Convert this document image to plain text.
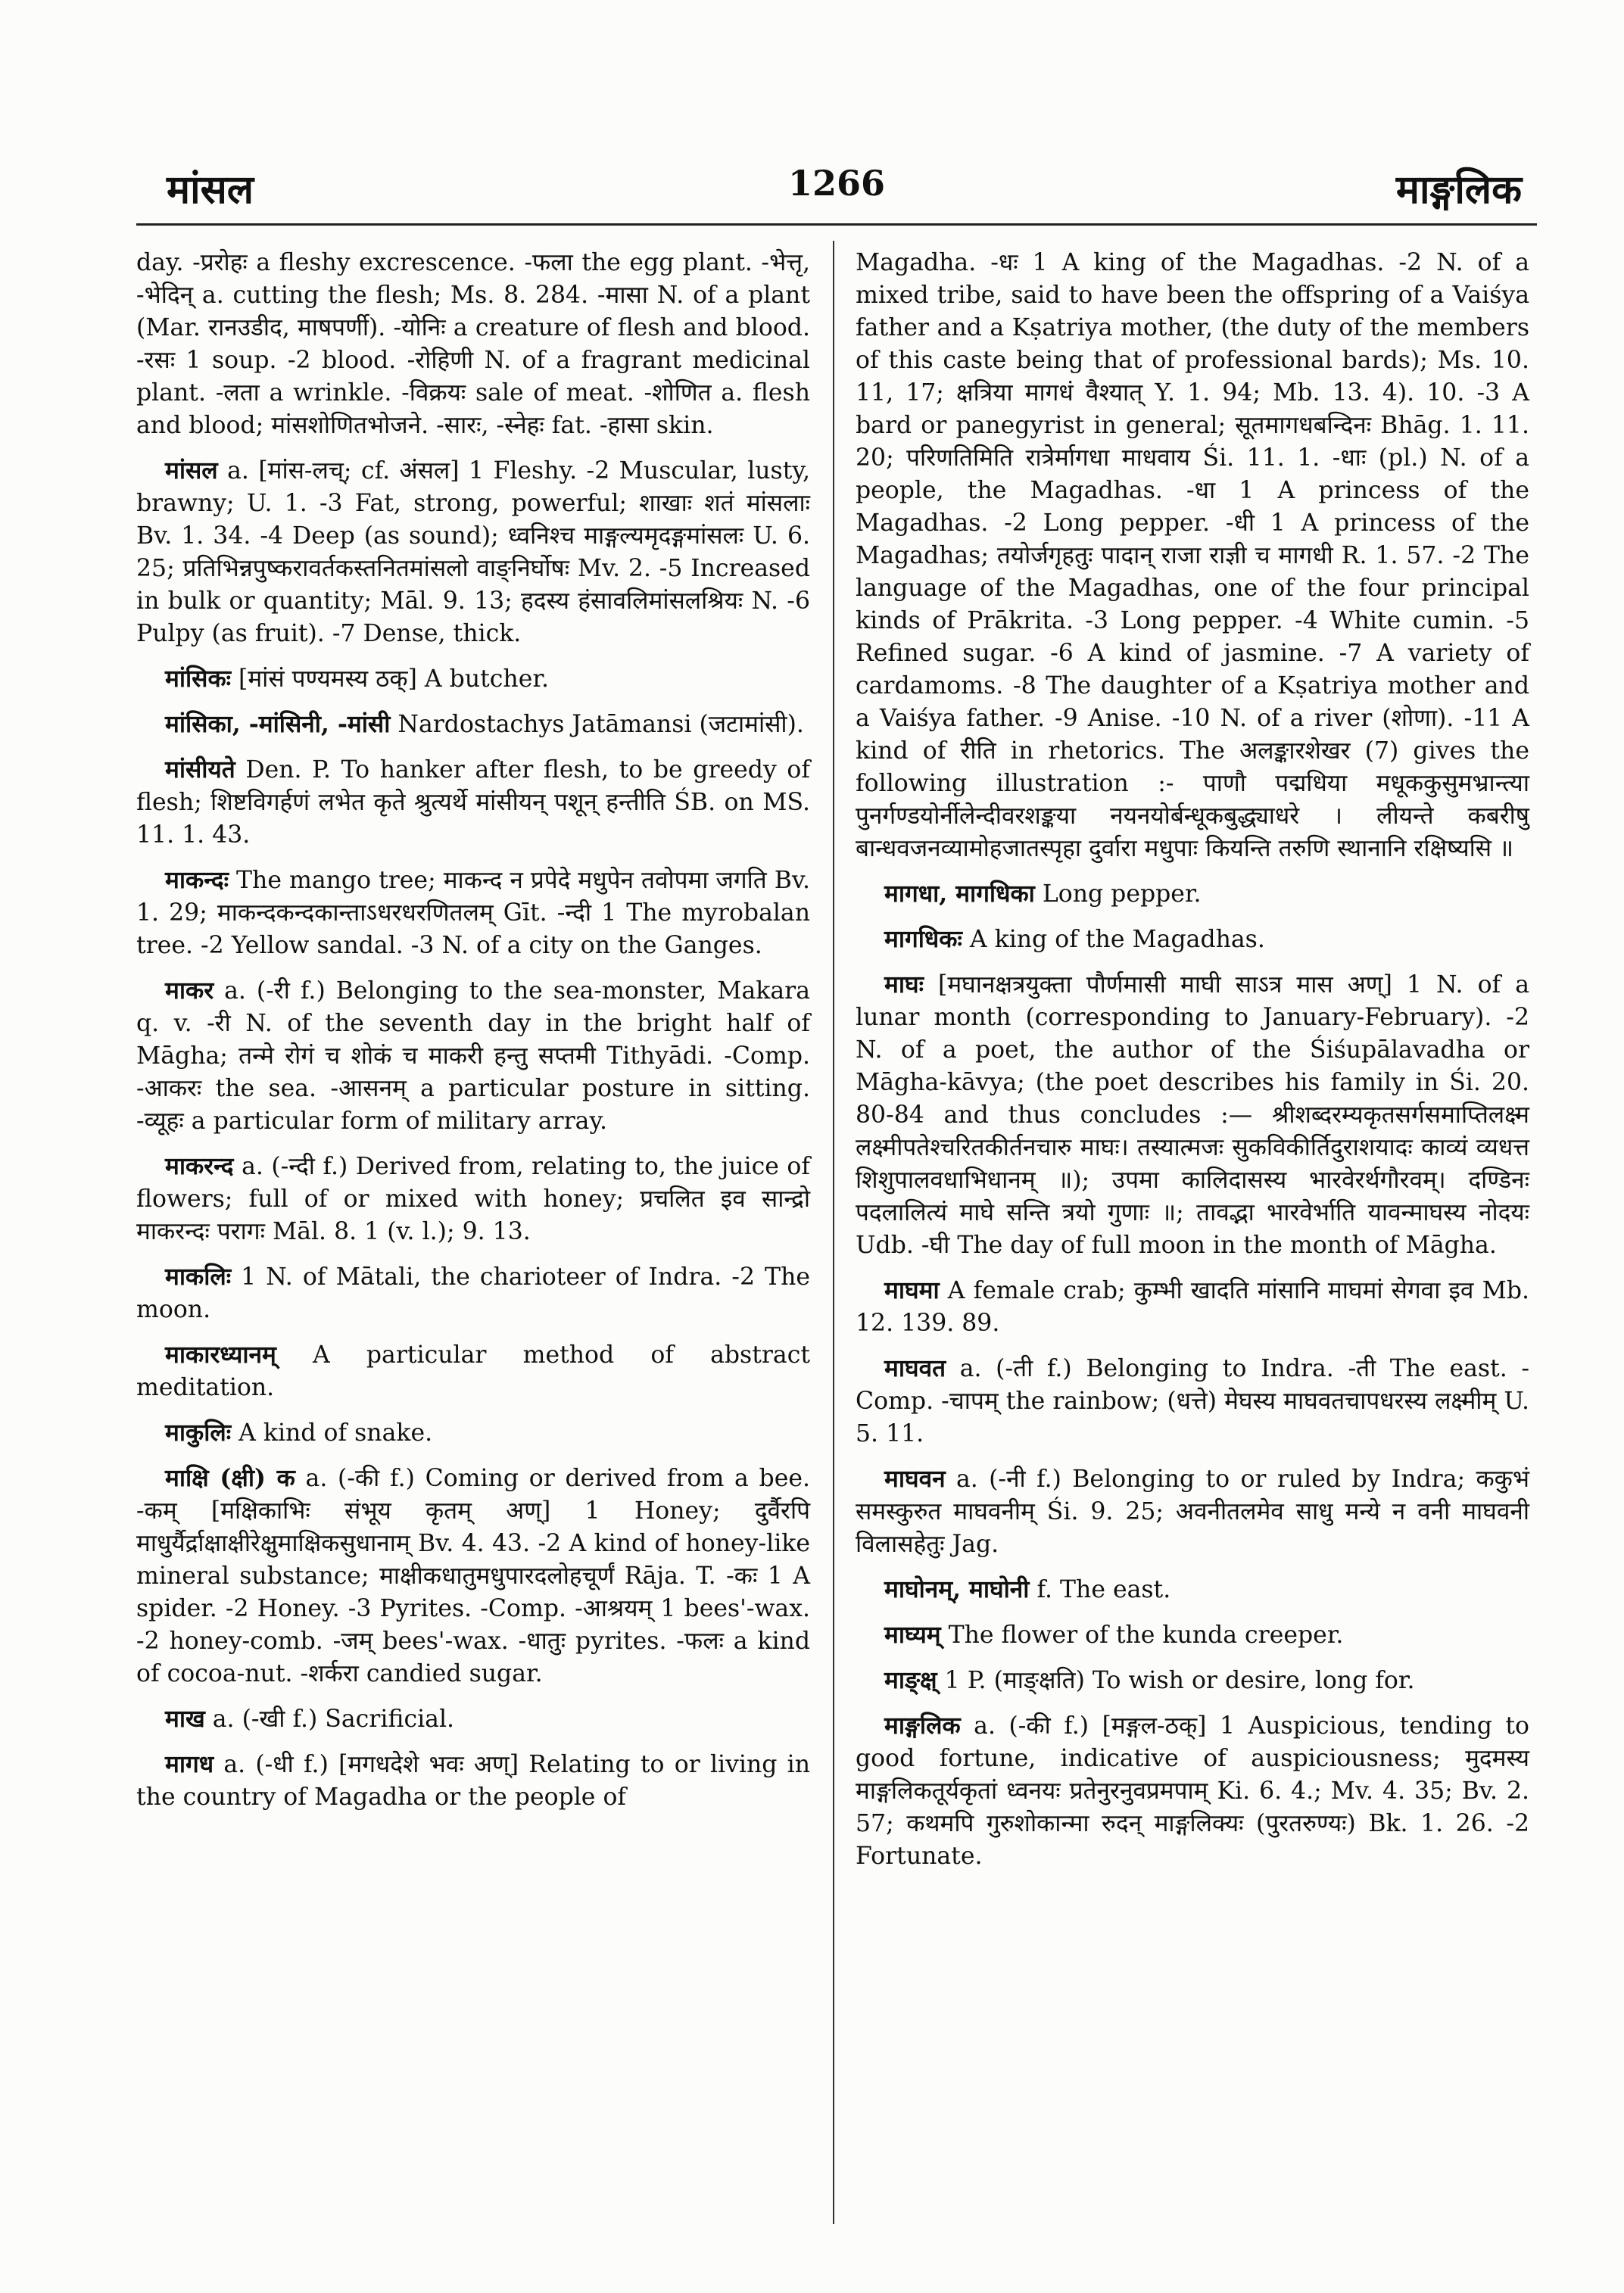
मांसल	1266	माङ्गलिक

day. -प्ररोहः a fleshy excrescence. -फला the egg plant. -भेत्तृ, -भेदिन् a. cutting the flesh; Ms. 8. 284. -मासा N. of a plant (Mar. रानउडीद, माषपर्णी). -योनिः a creature of flesh and blood. -रसः 1 soup. -2 blood. -रोहिणी N. of a fragrant medicinal plant. -लता a wrinkle. -विक्रयः sale of meat. -शोणित a. flesh and blood; मांसशोणितभोजने. -सारः, -स्नेहः fat. -हासा skin.

मांसल a. [मांस-लच्; cf. अंसल] 1 Fleshy. -2 Muscular, lusty, brawny; U. 1. -3 Fat, strong, powerful; शाखाः शतं मांसलाः Bv. 1. 34. -4 Deep (as sound); ध्वनिश्च माङ्गल्यमृदङ्गमांसलः U. 6. 25; प्रतिभिन्नपुष्करावर्तकस्तनितमांसलो वाङ्निर्घोषः Mv. 2. -5 Increased in bulk or quantity; Māl. 9. 13; हदस्य हंसावलिमांसलश्रियः N. -6 Pulpy (as fruit). -7 Dense, thick.

मांसिकः [मांसं पण्यमस्य ठक्] A butcher.

मांसिका, -मांसिनी, -मांसी Nardostachys Jatāmansi (जटामांसी).

मांसीयते Den. P. To hanker after flesh, to be greedy of flesh; शिष्टविगर्हणं लभेत कृते श्रुत्यर्थे मांसीयन् पशून् हन्तीति ŚB. on MS. 11. 1. 43.

माकन्दः The mango tree; माकन्द न प्रपेदे मधुपेन तवोपमा जगति Bv. 1. 29; माकन्दकन्दकान्ताऽधरधरणितलम् Gīt. -न्दी 1 The myrobalan tree. -2 Yellow sandal. -3 N. of a city on the Ganges.

माकर a. (-री f.) Belonging to the sea-monster, Makara q. v. -री N. of the seventh day in the bright half of Māgha; तन्मे रोगं च शोकं च माकरी हन्तु सप्तमी Tithyādi. -Comp. -आकरः the sea. -आसनम् a particular posture in sitting. -व्यूहः a particular form of military array.

माकरन्द a. (-न्दी f.) Derived from, relating to, the juice of flowers; full of or mixed with honey; प्रचलित इव सान्द्रो माकरन्दः परागः Māl. 8. 1 (v. l.); 9. 13.

माकलिः 1 N. of Mātali, the charioteer of Indra. -2 The moon.

माकारध्यानम् A particular method of abstract meditation.

माकुलिः A kind of snake.

माक्षि (क्षी) क a. (-की f.) Coming or derived from a bee. -कम् [मक्षिकाभिः संभूय कृतम् अण्] 1 Honey; दुर्वैरपि माधुर्यैर्द्राक्षाक्षीरेक्षुमाक्षिकसुधानाम् Bv. 4. 43. -2 A kind of honey-like mineral substance; माक्षीकधातुमधुपारदलोहचूर्णं Rāja. T. -कः 1 A spider. -2 Honey. -3 Pyrites. -Comp. -आश्रयम् 1 bees'-wax. -2 honey-comb. -जम् bees'-wax. -धातुः pyrites. -फलः a kind of cocoa-nut. -शर्करा candied sugar.

माख a. (-खी f.) Sacrificial.

मागध a. (-धी f.) [मगधदेशे भवः अण्] Relating to or living in the country of Magadha or the people of

Magadha. -धः 1 A king of the Magadhas. -2 N. of a mixed tribe, said to have been the offspring of a Vaiśya father and a Kṣatriya mother, (the duty of the members of this caste being that of professional bards); Ms. 10. 11, 17; क्षत्रिया मागधं वैश्यात् Y. 1. 94; Mb. 13. 4). 10. -3 A bard or panegyrist in general; सूतमागधबन्दिनः Bhāg. 1. 11. 20; परिणतिमिति रात्रेर्मागधा माधवाय Śi. 11. 1. -धाः (pl.) N. of a people, the Magadhas. -धा 1 A princess of the Magadhas. -2 Long pepper. -धी 1 A princess of the Magadhas; तयोर्जगृहतुः पादान् राजा राज्ञी च मागधी R. 1. 57. -2 The language of the Magadhas, one of the four principal kinds of Prākrita. -3 Long pepper. -4 White cumin. -5 Refined sugar. -6 A kind of jasmine. -7 A variety of cardamoms. -8 The daughter of a Kṣatriya mother and a Vaiśya father. -9 Anise. -10 N. of a river (शोणा). -11 A kind of रीति in rhetorics. The अलङ्कारशेखर (7) gives the following illustration :- पाणौ पद्मधिया मधूककुसुमभ्रान्त्या पुनर्गण्डयोर्नीलेन्दीवरशङ्कया नयनयोर्बन्धूकबुद्ध्याधरे । लीयन्ते कबरीषु बान्धवजनव्यामोहजातस्पृहा दुर्वारा मधुपाः कियन्ति तरुणि स्थानानि रक्षिष्यसि ॥

मागधा, मागधिका Long pepper.

मागधिकः A king of the Magadhas.

माघः [मघानक्षत्रयुक्ता पौर्णमासी माघी साऽत्र मास अण्] 1 N. of a lunar month (corresponding to January-February). -2 N. of a poet, the author of the Śiśupālavadha or Māgha-kāvya; (the poet describes his family in Śi. 20. 80-84 and thus concludes :— श्रीशब्दरम्यकृतसर्गसमाप्तिलक्ष्म लक्ष्मीपतेश्चरितकीर्तनचारु माघः। तस्यात्मजः सुकविकीर्तिदुराशयादः काव्यं व्यधत्त शिशुपालवधाभिधानम् ॥); उपमा कालिदासस्य भारवेरर्थगौरवम्। दण्डिनः पदलालित्यं माघे सन्ति त्रयो गुणाः ॥; तावद्भा भारवेर्भाति यावन्माघस्य नोदयः Udb. -घी The day of full moon in the month of Māgha.

माघमा A female crab; कुम्भी खादति मांसानि माघमां सेगवा इव Mb. 12. 139. 89.

माघवत a. (-ती f.) Belonging to Indra. -ती The east. -Comp. -चापम् the rainbow; (धत्ते) मेघस्य माघवतचापधरस्य लक्ष्मीम् U. 5. 11.

माघवन a. (-नी f.) Belonging to or ruled by Indra; ककुभं समस्कुरुत माघवनीम् Śi. 9. 25; अवनीतलमेव साधु मन्ये न वनी माघवनी विलासहेतुः Jag.

माघोनम्, माघोनी f. The east.

माघ्यम् The flower of the kunda creeper.

माङ्क्ष् 1 P. (माङ्क्षति) To wish or desire, long for.

माङ्गलिक a. (-की f.) [मङ्गल-ठक्] 1 Auspicious, tending to good fortune, indicative of auspiciousness; मुदमस्य माङ्गलिकतूर्यकृतां ध्वनयः प्रतेनुरनुवप्रमपाम् Ki. 6. 4.; Mv. 4. 35; Bv. 2. 57; कथमपि गुरुशोकान्मा रुदन् माङ्गलिक्यः (पुरतरुण्यः) Bk. 1. 26. -2 Fortunate.
